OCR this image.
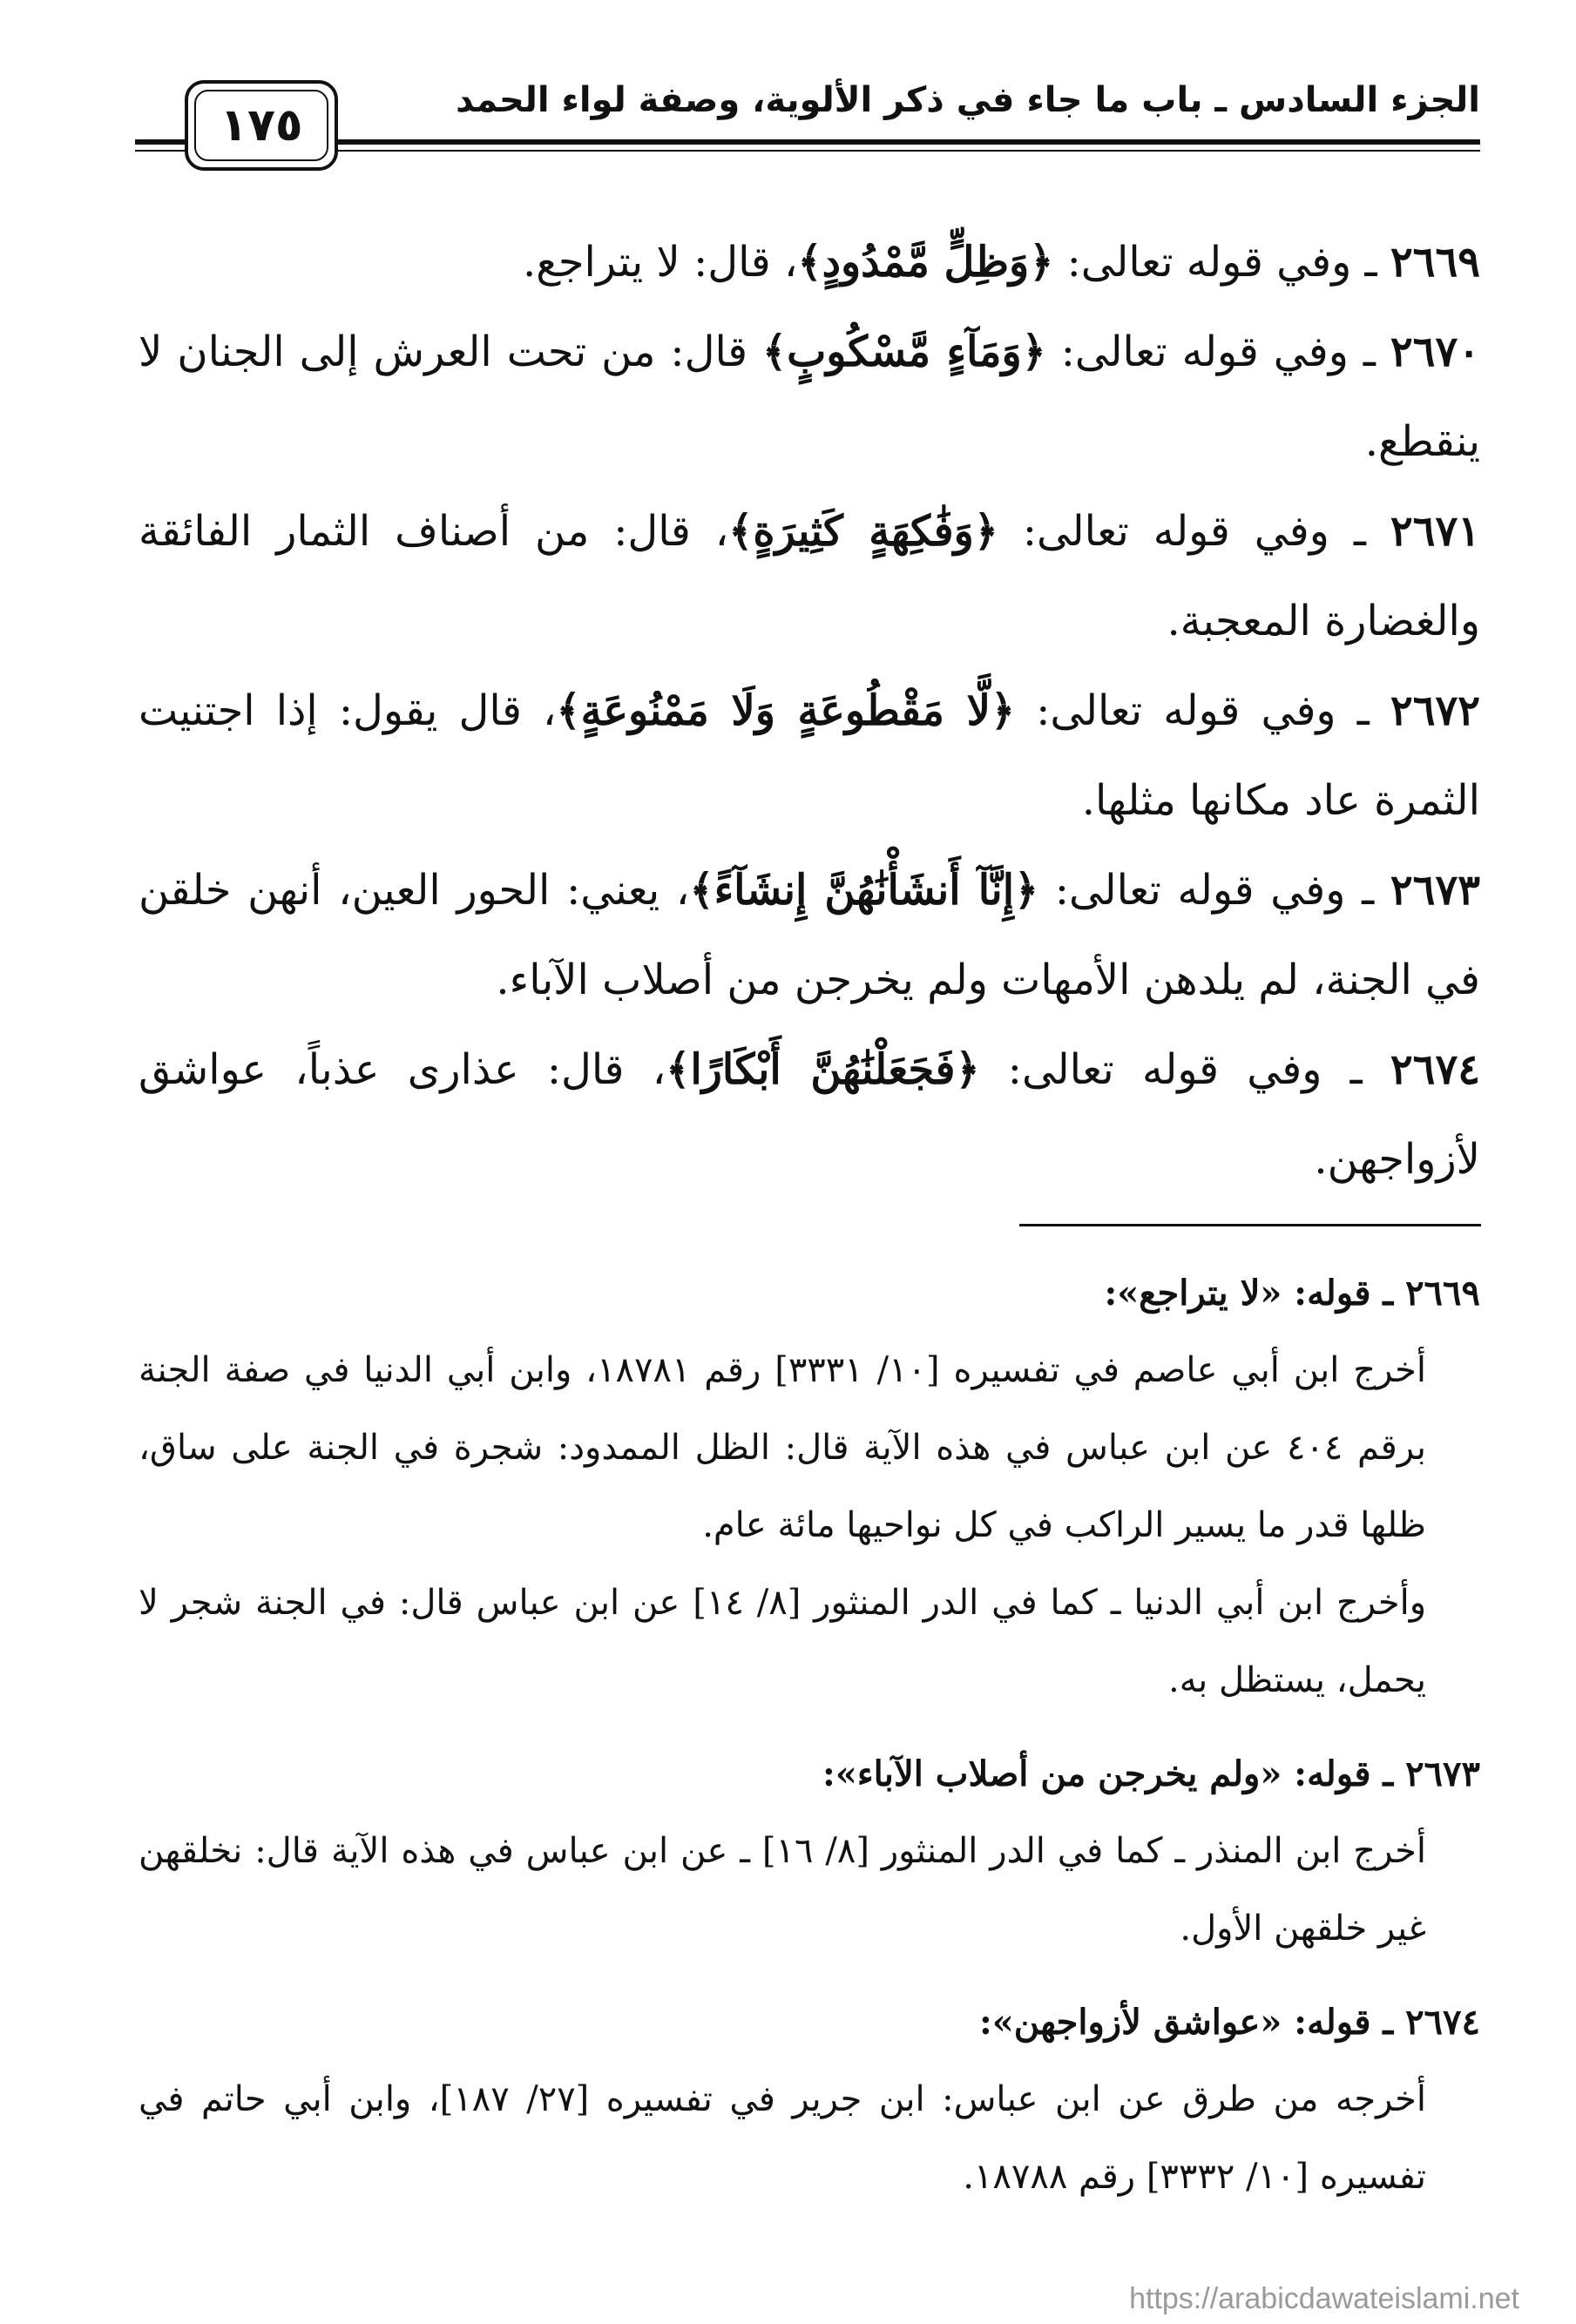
الجزء السادس ـ باب ما جاء في ذكر الألوية، وصفة لواء الحمد
١٧٥

٢٦٦٩ ـ وفي قوله تعالى: ﴿وَظِلٍّ مَّمْدُودٍ﴾، قال: لا يتراجع.

٢٦٧٠ ـ وفي قوله تعالى: ﴿وَمَآءٍ مَّسْكُوبٍ﴾ قال: من تحت العرش إلى الجنان لا ينقطع.

٢٦٧١ ـ وفي قوله تعالى: ﴿وَفَٰكِهَةٍ كَثِيرَةٍ﴾، قال: من أصناف الثمار الفائقة والغضارة المعجبة.

٢٦٧٢ ـ وفي قوله تعالى: ﴿لَّا مَقْطُوعَةٍ وَلَا مَمْنُوعَةٍ﴾، قال يقول: إذا اجتنيت الثمرة عاد مكانها مثلها.

٢٦٧٣ ـ وفي قوله تعالى: ﴿إِنَّآ أَنشَأْنَٰهُنَّ إِنشَآءً﴾، يعني: الحور العين، أنهن خلقن في الجنة، لم يلدهن الأمهات ولم يخرجن من أصلاب الآباء.

٢٦٧٤ ـ وفي قوله تعالى: ﴿فَجَعَلْنَٰهُنَّ أَبْكَارًا﴾، قال: عذارى عذباً، عواشق لأزواجهن.

٢٦٦٩ ـ قوله: «لا يتراجع»:

أخرج ابن أبي عاصم في تفسيره [١٠/ ٣٣٣١] رقم ١٨٧٨١، وابن أبي الدنيا في صفة الجنة برقم ٤٠٤ عن ابن عباس في هذه الآية قال: الظل الممدود: شجرة في الجنة على ساق، ظلها قدر ما يسير الراكب في كل نواحيها مائة عام.

وأخرج ابن أبي الدنيا ـ كما في الدر المنثور [٨/ ١٤] عن ابن عباس قال: في الجنة شجر لا يحمل، يستظل به.

٢٦٧٣ ـ قوله: «ولم يخرجن من أصلاب الآباء»:

أخرج ابن المنذر ـ كما في الدر المنثور [٨/ ١٦] ـ عن ابن عباس في هذه الآية قال: نخلقهن غير خلقهن الأول.

٢٦٧٤ ـ قوله: «عواشق لأزواجهن»:

أخرجه من طرق عن ابن عباس: ابن جرير في تفسيره [٢٧/ ١٨٧]، وابن أبي حاتم في تفسيره [١٠/ ٣٣٣٢] رقم ١٨٧٨٨.

https://arabicdawateislami.net
